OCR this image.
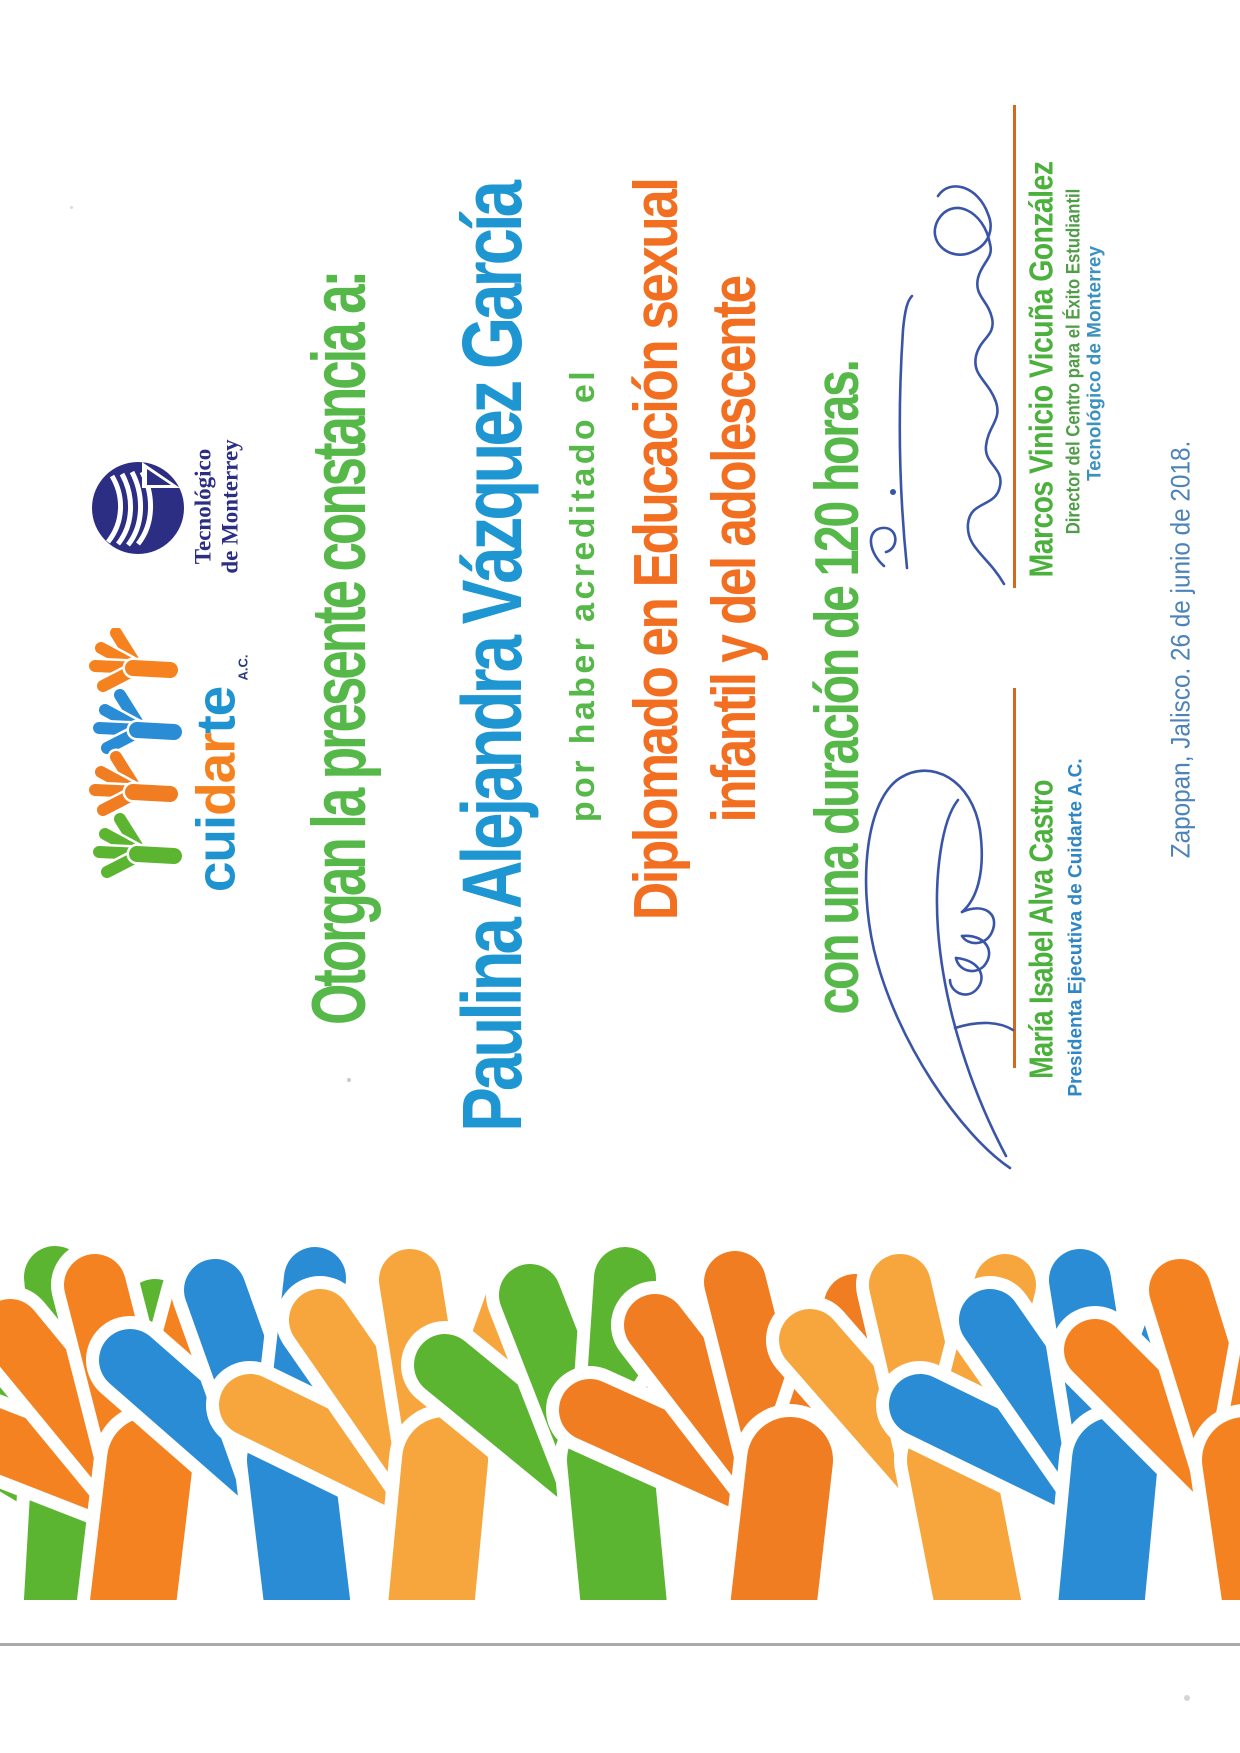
Tecnológico de Monterrey
cuidarte
A.C. Otorgan la presente constancia a: Paulina Alejandra Vázquez García por haber acreditado el Diplomado en Educación sexual infantil y del adolescente con una duración de 120 horas.	Marcos Vinicio Vicuña González Director del Centro para el Éxito Estudiantil Tecnológico de Monterrey
María Isabel Alva Castro Presidenta Ejecutiva de Cuidarte A.C.
Zapopan, Jalisco. 26 de junio de 2018.
